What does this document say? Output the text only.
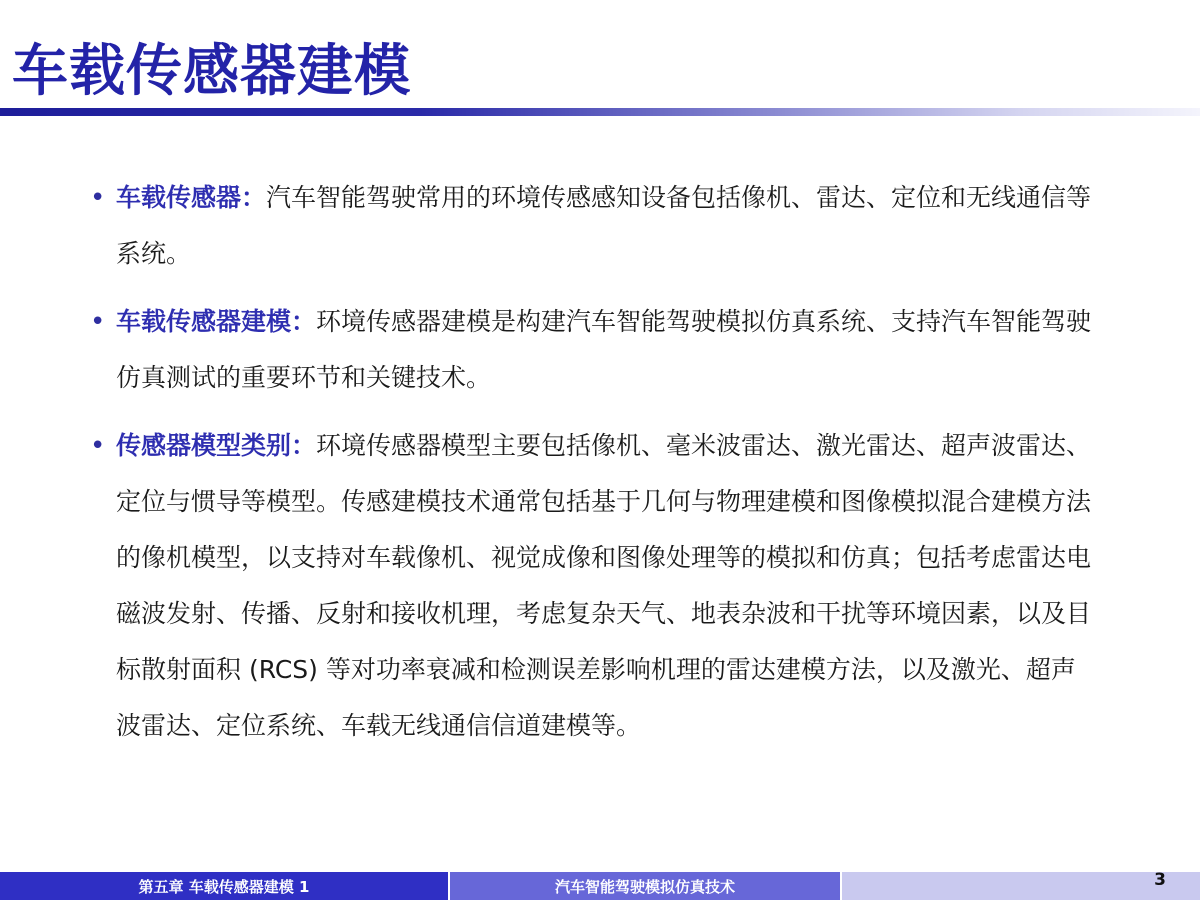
车载传感器建模
• 车载传感器：汽车智能驾驶常用的环境传感感知设备包括像机、雷达、定位和无线通信等系统。
• 车载传感器建模：环境传感器建模是构建汽车智能驾驶模拟仿真系统、支持汽车智能驾驶仿真测试的重要环节和关键技术。
• 传感器模型类别：环境传感器模型主要包括像机、毫米波雷达、激光雷达、超声波雷达、定位与惯导等模型。传感建模技术通常包括基于几何与物理建模和图像模拟混合建模方法的像机模型，以支持对车载像机、视觉成像和图像处理等的模拟和仿真；包括考虑雷达电磁波发射、传播、反射和接收机理，考虑复杂天气、地表杂波和干扰等环境因素，以及目标散射面积 (RCS) 等对功率衰减和检测误差影响机理的雷达建模方法，以及激光、超声波雷达、定位系统、车载无线通信信道建模等。
第五章 车载传感器建模 1	汽车智能驾驶模拟仿真技术	3
